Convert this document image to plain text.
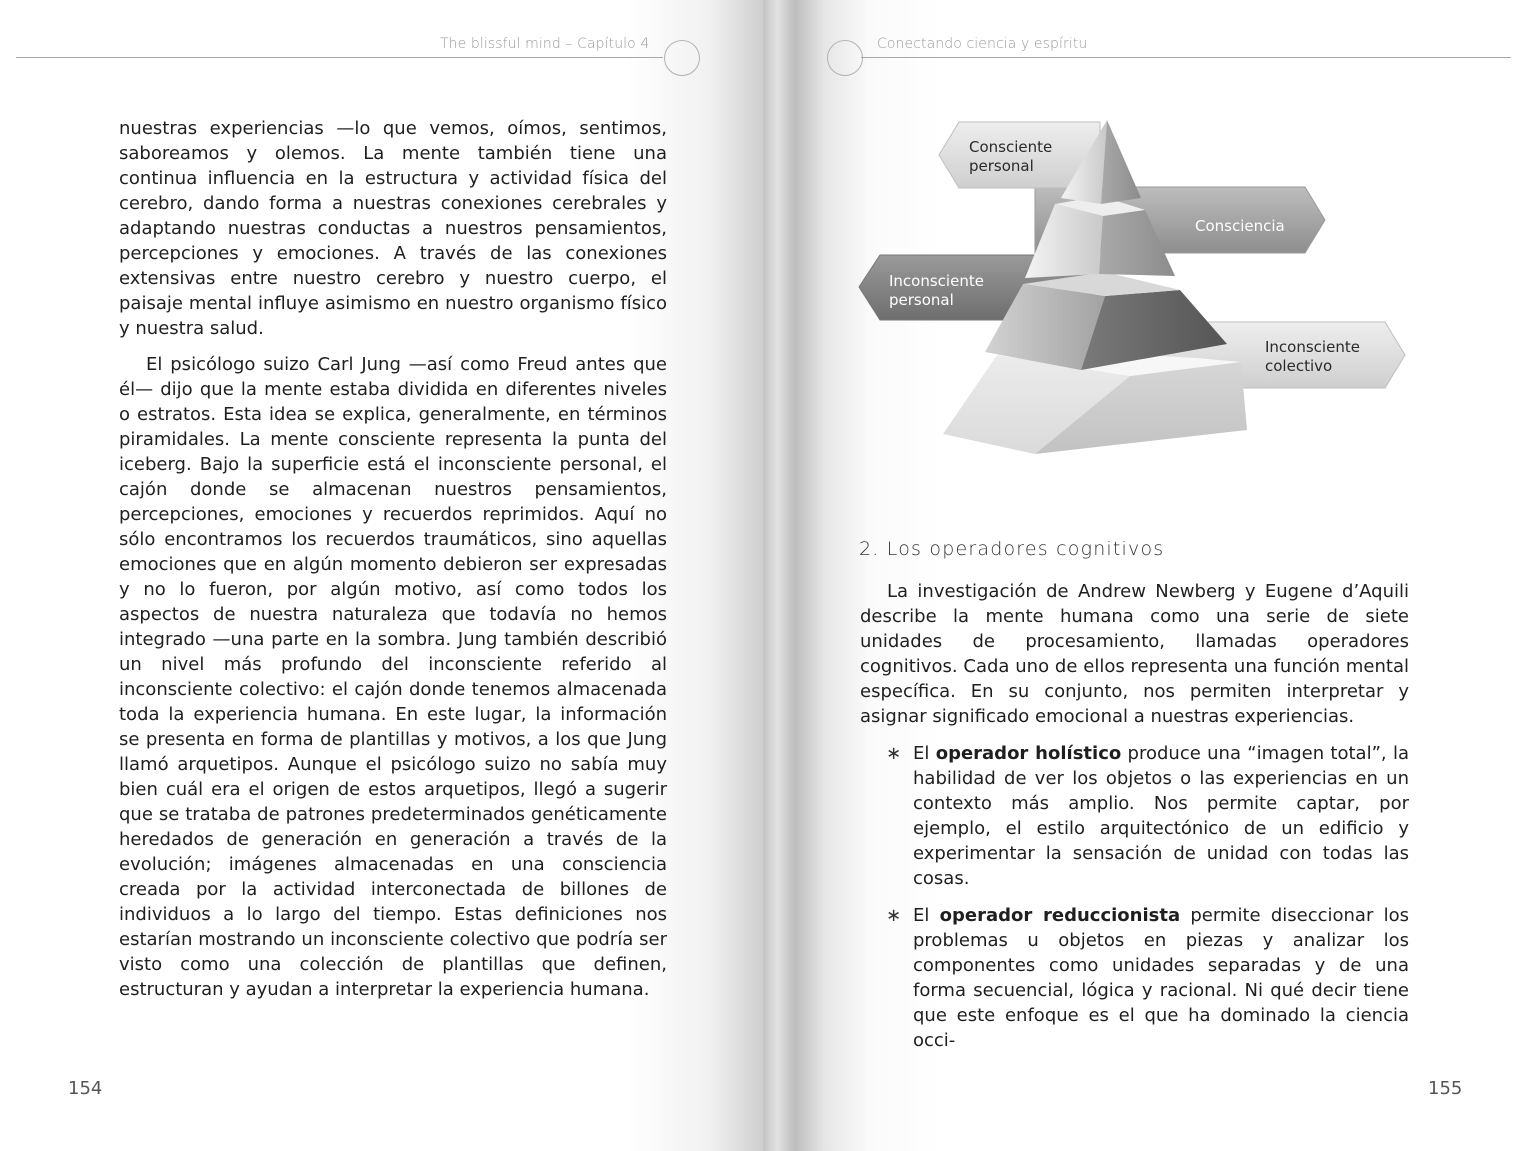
The blissful mind – Capítulo 4

nuestras experiencias —lo que vemos, oímos, sentimos, saboreamos y olemos. La mente también tiene una continua influencia en la estructura y actividad física del cerebro, dando forma a nuestras conexiones cerebrales y adaptando nuestras conductas a nuestros pensamientos, percepciones y emociones. A través de las conexiones extensivas entre nuestro cerebro y nuestro cuerpo, el paisaje mental influye asimismo en nuestro organismo físico y nuestra salud.

El psicólogo suizo Carl Jung —así como Freud antes que él— dijo que la mente estaba dividida en diferentes niveles o estratos. Esta idea se explica, generalmente, en términos piramidales. La mente consciente representa la punta del iceberg. Bajo la superficie está el inconsciente personal, el cajón donde se almacenan nuestros pensamientos, percepciones, emociones y recuerdos reprimidos. Aquí no sólo encontramos los recuerdos traumáticos, sino aquellas emociones que en algún momento debieron ser expresadas y no lo fueron, por algún motivo, así como todos los aspectos de nuestra naturaleza que todavía no hemos integrado —una parte en la sombra. Jung también describió un nivel más profundo del inconsciente referido al inconsciente colectivo: el cajón donde tenemos almacenada toda la experiencia humana. En este lugar, la información se presenta en forma de plantillas y motivos, a los que Jung llamó arquetipos. Aunque el psicólogo suizo no sabía muy bien cuál era el origen de estos arquetipos, llegó a sugerir que se trataba de patrones predeterminados genéticamente heredados de generación en generación a través de la evolución; imágenes almacenadas en una consciencia creada por la actividad interconectada de billones de individuos a lo largo del tiempo. Estas definiciones nos estarían mostrando un inconsciente colectivo que podría ser visto como una colección de plantillas que definen, estructuran y ayudan a interpretar la experiencia humana.

154
Conectando ciencia y espíritu
Consciente
personal
Consciencia
Inconsciente
personal
Inconsciente
colectivo
2. Los operadores cognitivos

La investigación de Andrew Newberg y Eugene d’Aquili describe la mente humana como una serie de siete unidades de procesamiento, llamadas operadores cognitivos. Cada uno de ellos representa una función mental específica. En su conjunto, nos permiten interpretar y asignar significado emocional a nuestras experiencias.

∗ El operador holístico produce una “imagen total”, la habilidad de ver los objetos o las experiencias en un contexto más amplio. Nos permite captar, por ejemplo, el estilo arquitectónico de un edificio y experimentar la sensación de unidad con todas las cosas.
∗ El operador reduccionista permite diseccionar los problemas u objetos en piezas y analizar los componentes como unidades separadas y de una forma secuencial, lógica y racional. Ni qué decir tiene que este enfoque es el que ha dominado la ciencia occi-
155
